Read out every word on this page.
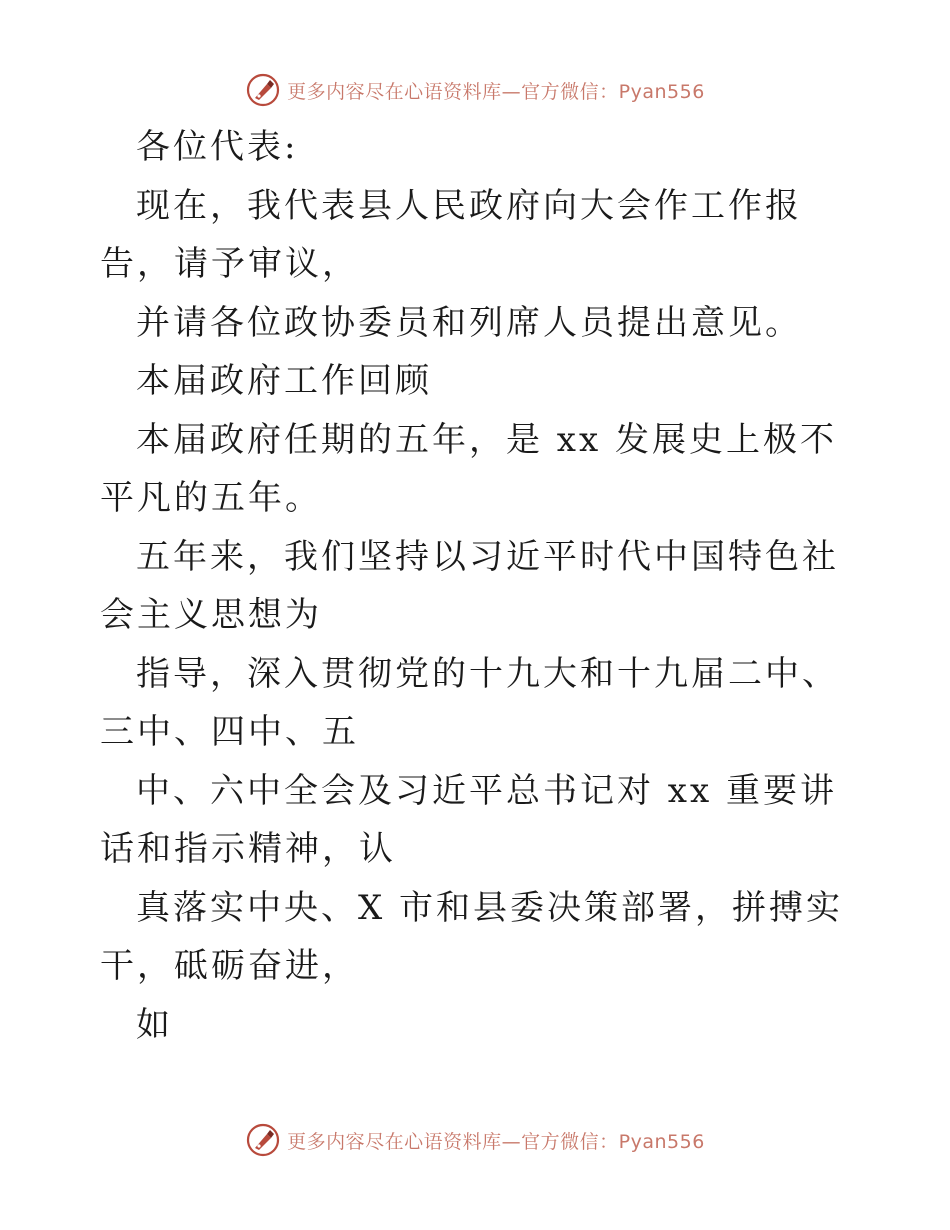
更多内容尽在心语资料库—官方微信：Pyan556

各位代表:

现在，我代表县人民政府向大会作工作报告，请予审议，

并请各位政协委员和列席人员提出意见。

本届政府工作回顾

本届政府任期的五年，是 xx 发展史上极不平凡的五年。

五年来，我们坚持以习近平时代中国特色社会主义思想为

指导，深入贯彻党的十九大和十九届二中、三中、四中、五

中、六中全会及习近平总书记对 xx 重要讲话和指示精神，认

真落实中央、X 市和县委决策部署，拼搏实干，砥砺奋进，

如

更多内容尽在心语资料库—官方微信：Pyan556
